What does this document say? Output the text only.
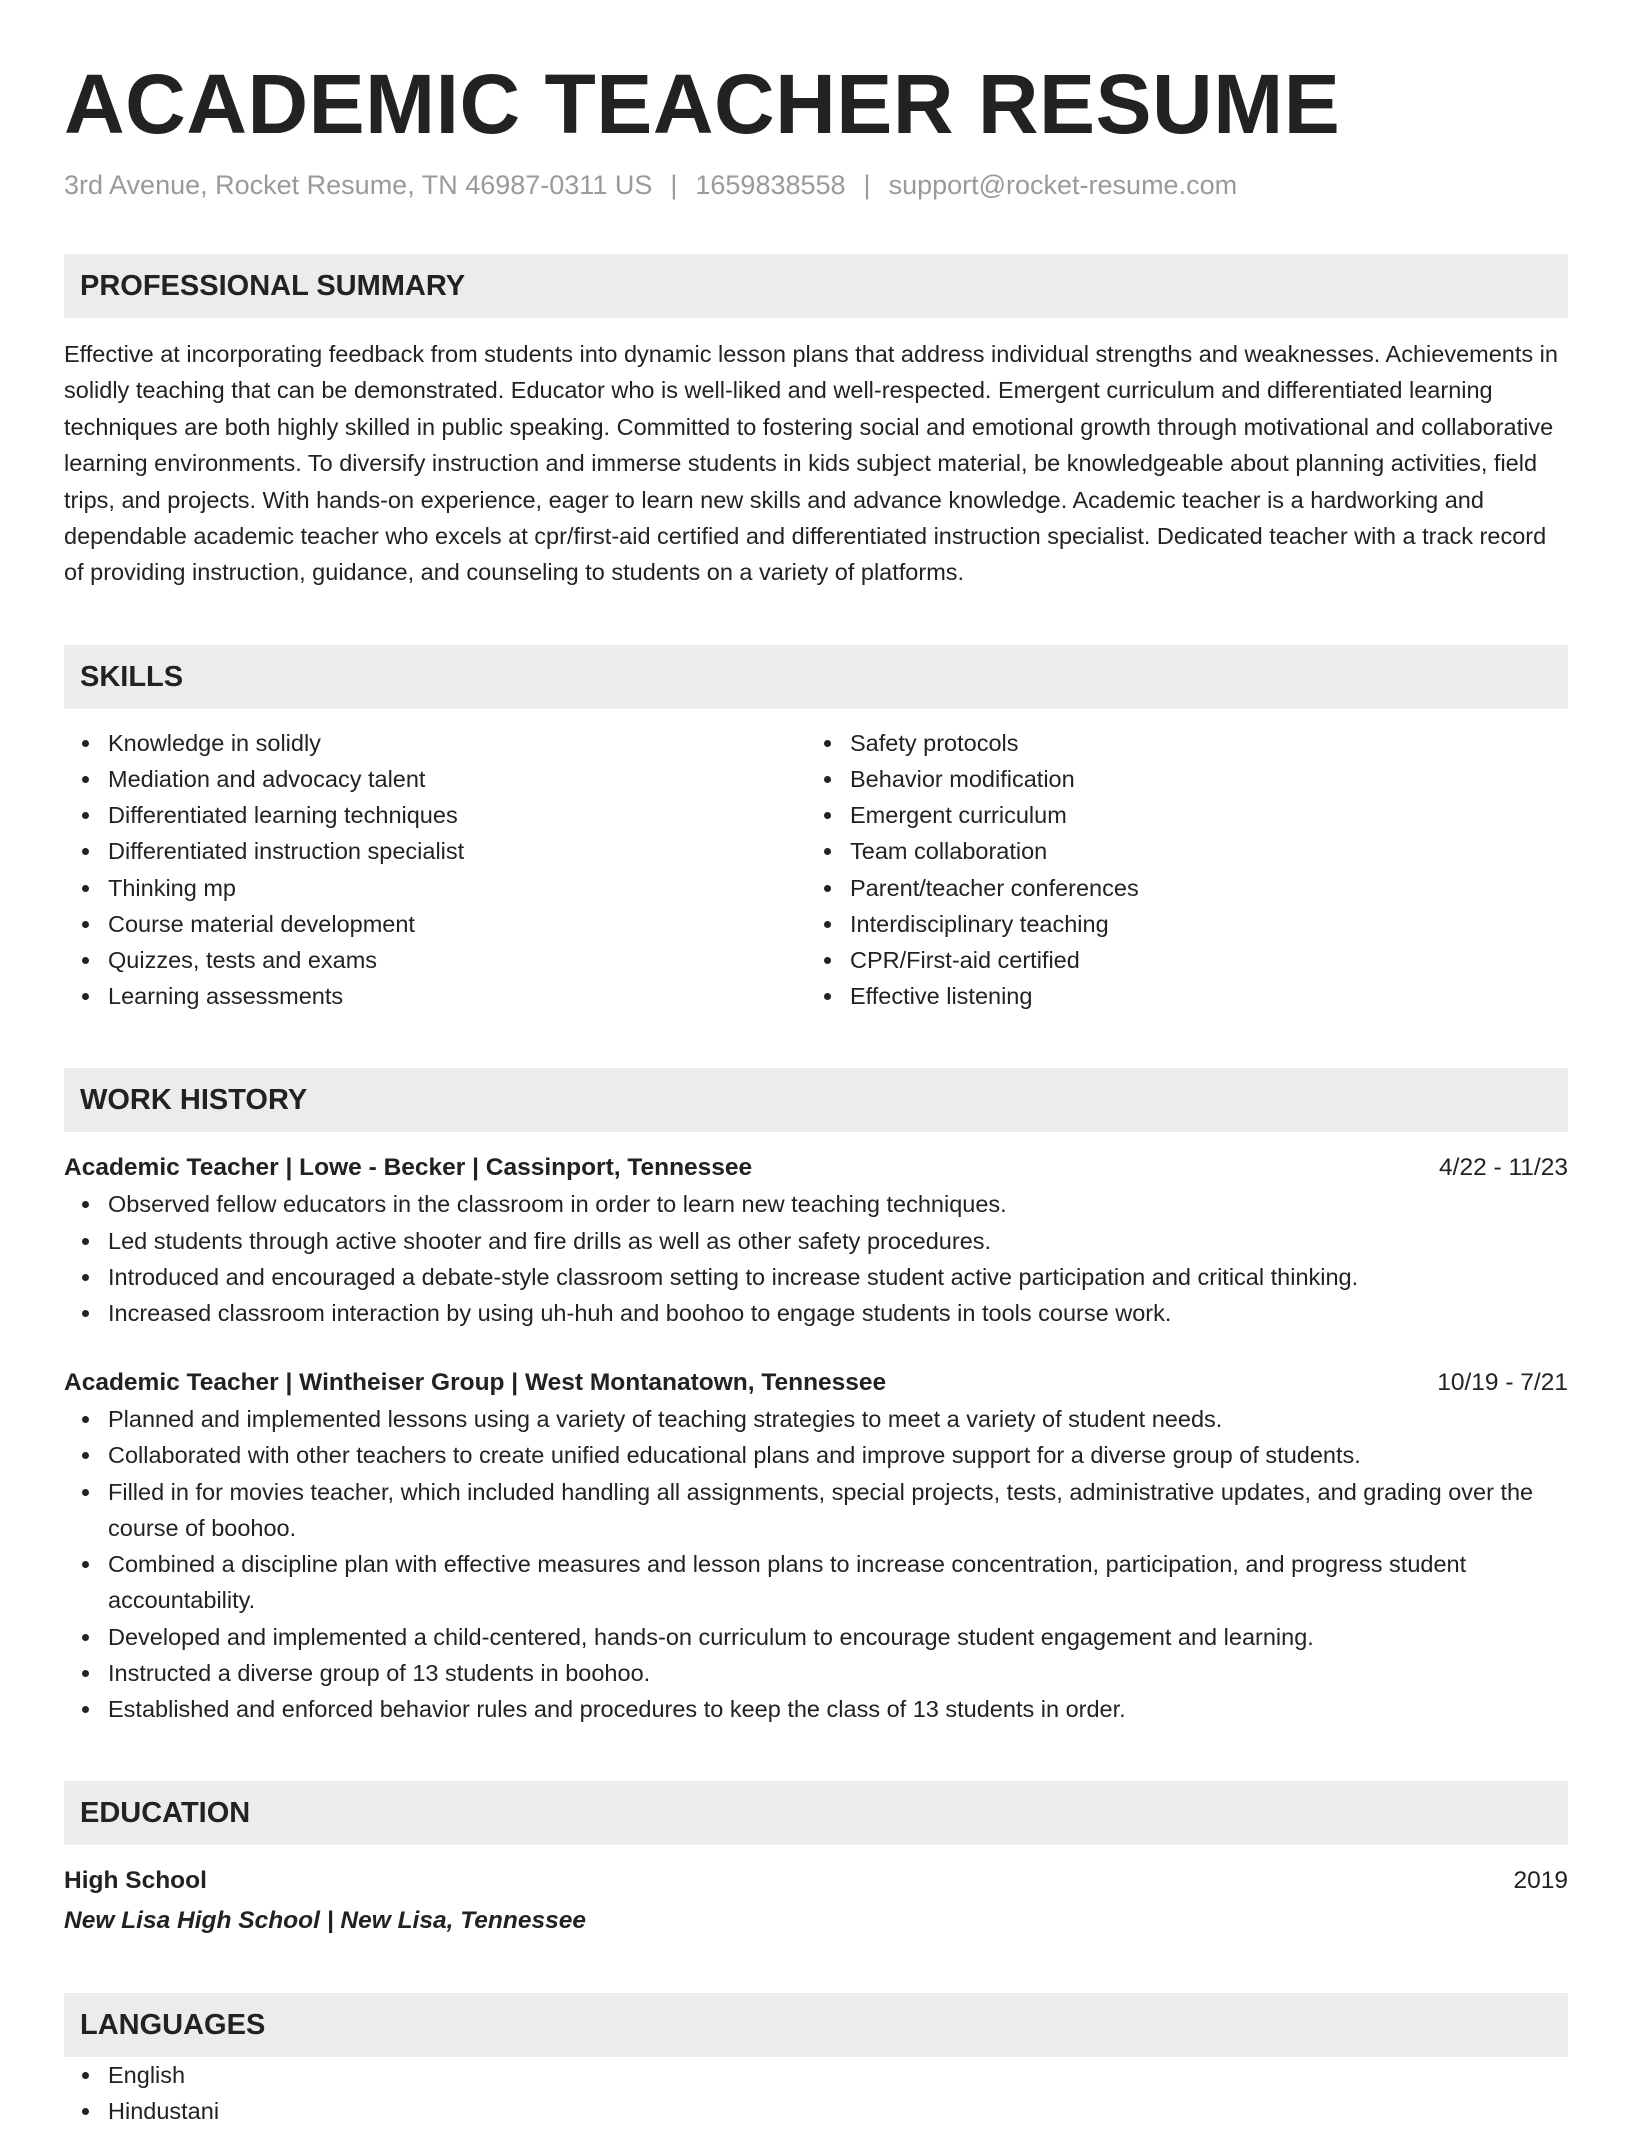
ACADEMIC TEACHER RESUME
3rd Avenue, Rocket Resume, TN 46987-0311 US | 1659838558 | support@rocket-resume.com
PROFESSIONAL SUMMARY
Effective at incorporating feedback from students into dynamic lesson plans that address individual strengths and weaknesses. Achievements in solidly teaching that can be demonstrated. Educator who is well-liked and well-respected. Emergent curriculum and differentiated learning techniques are both highly skilled in public speaking. Committed to fostering social and emotional growth through motivational and collaborative learning environments. To diversify instruction and immerse students in kids subject material, be knowledgeable about planning activities, field trips, and projects. With hands-on experience, eager to learn new skills and advance knowledge. Academic teacher is a hardworking and dependable academic teacher who excels at cpr/first-aid certified and differentiated instruction specialist. Dedicated teacher with a track record of providing instruction, guidance, and counseling to students on a variety of platforms.
SKILLS
Knowledge in solidly
Mediation and advocacy talent
Differentiated learning techniques
Differentiated instruction specialist
Thinking mp
Course material development
Quizzes, tests and exams
Learning assessments
Safety protocols
Behavior modification
Emergent curriculum
Team collaboration
Parent/teacher conferences
Interdisciplinary teaching
CPR/First-aid certified
Effective listening
WORK HISTORY
Academic Teacher | Lowe - Becker | Cassinport, Tennessee	4/22 - 11/23
Observed fellow educators in the classroom in order to learn new teaching techniques.
Led students through active shooter and fire drills as well as other safety procedures.
Introduced and encouraged a debate-style classroom setting to increase student active participation and critical thinking.
Increased classroom interaction by using uh-huh and boohoo to engage students in tools course work.
Academic Teacher | Wintheiser Group | West Montanatown, Tennessee	10/19 - 7/21
Planned and implemented lessons using a variety of teaching strategies to meet a variety of student needs.
Collaborated with other teachers to create unified educational plans and improve support for a diverse group of students.
Filled in for movies teacher, which included handling all assignments, special projects, tests, administrative updates, and grading over the course of boohoo.
Combined a discipline plan with effective measures and lesson plans to increase concentration, participation, and progress student accountability.
Developed and implemented a child-centered, hands-on curriculum to encourage student engagement and learning.
Instructed a diverse group of 13 students in boohoo.
Established and enforced behavior rules and procedures to keep the class of 13 students in order.
EDUCATION
High School	2019
New Lisa High School | New Lisa, Tennessee
LANGUAGES
English
Hindustani
